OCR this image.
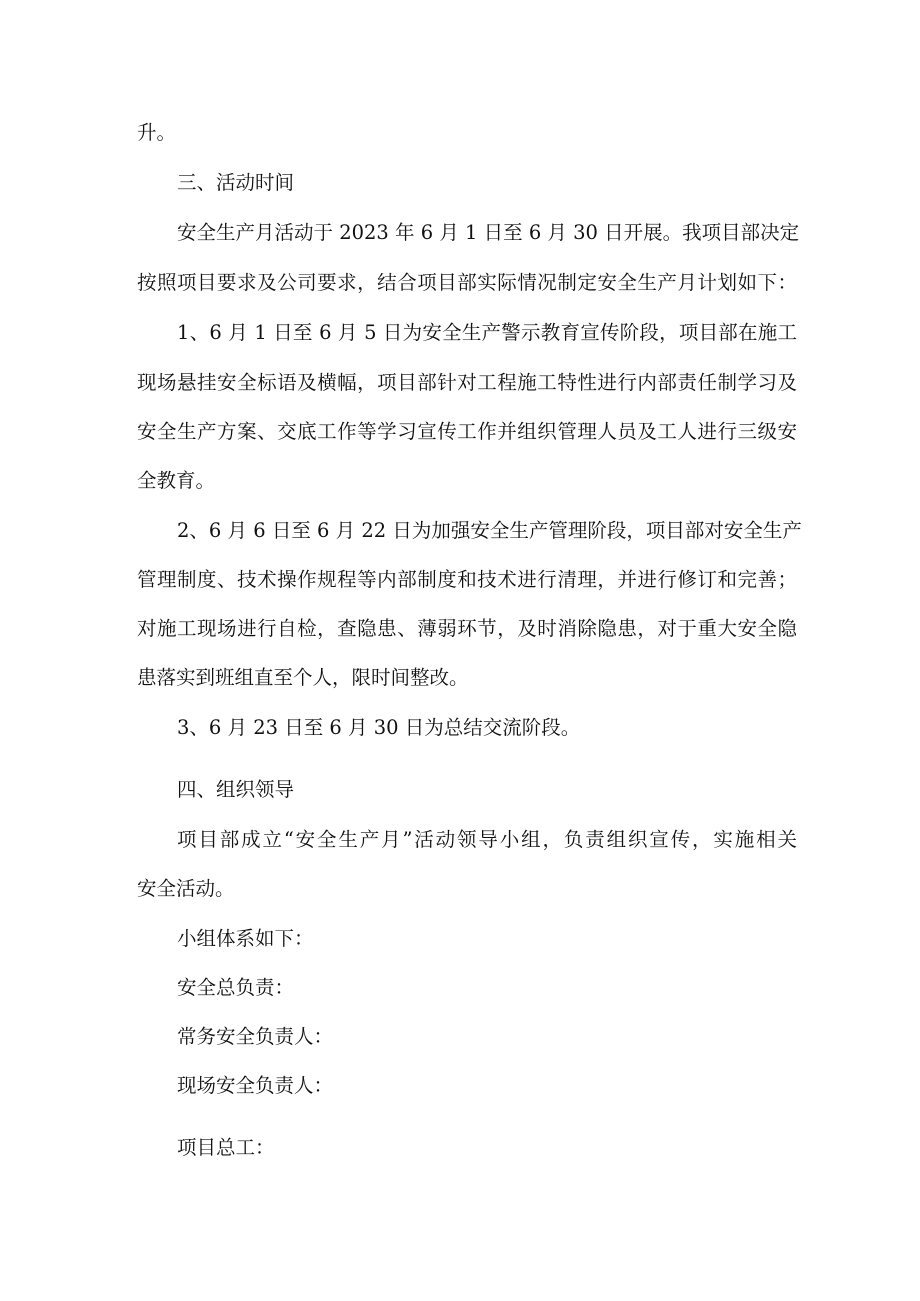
升。
三、活动时间
安全生产月活动于 2023 年 6 月 1 日至 6 月 30 日开展。我项目部决定
按照项目要求及公司要求，结合项目部实际情况制定安全生产月计划如下：
1、6 月 1 日至 6 月 5 日为安全生产警示教育宣传阶段，项目部在施工
现场悬挂安全标语及横幅，项目部针对工程施工特性进行内部责任制学习及
安全生产方案、交底工作等学习宣传工作并组织管理人员及工人进行三级安
全教育。
2、6 月 6 日至 6 月 22 日为加强安全生产管理阶段，项目部对安全生产
管理制度、技术操作规程等内部制度和技术进行清理，并进行修订和完善；
对施工现场进行自检，查隐患、薄弱环节，及时消除隐患，对于重大安全隐
患落实到班组直至个人，限时间整改。
3、6 月 23 日至 6 月 30 日为总结交流阶段。
四、组织领导
项目部成立“安全生产月”活动领导小组，负责组织宣传，实施相关
安全活动。
小组体系如下：
安全总负责：
常务安全负责人：
现场安全负责人：
项目总工：
